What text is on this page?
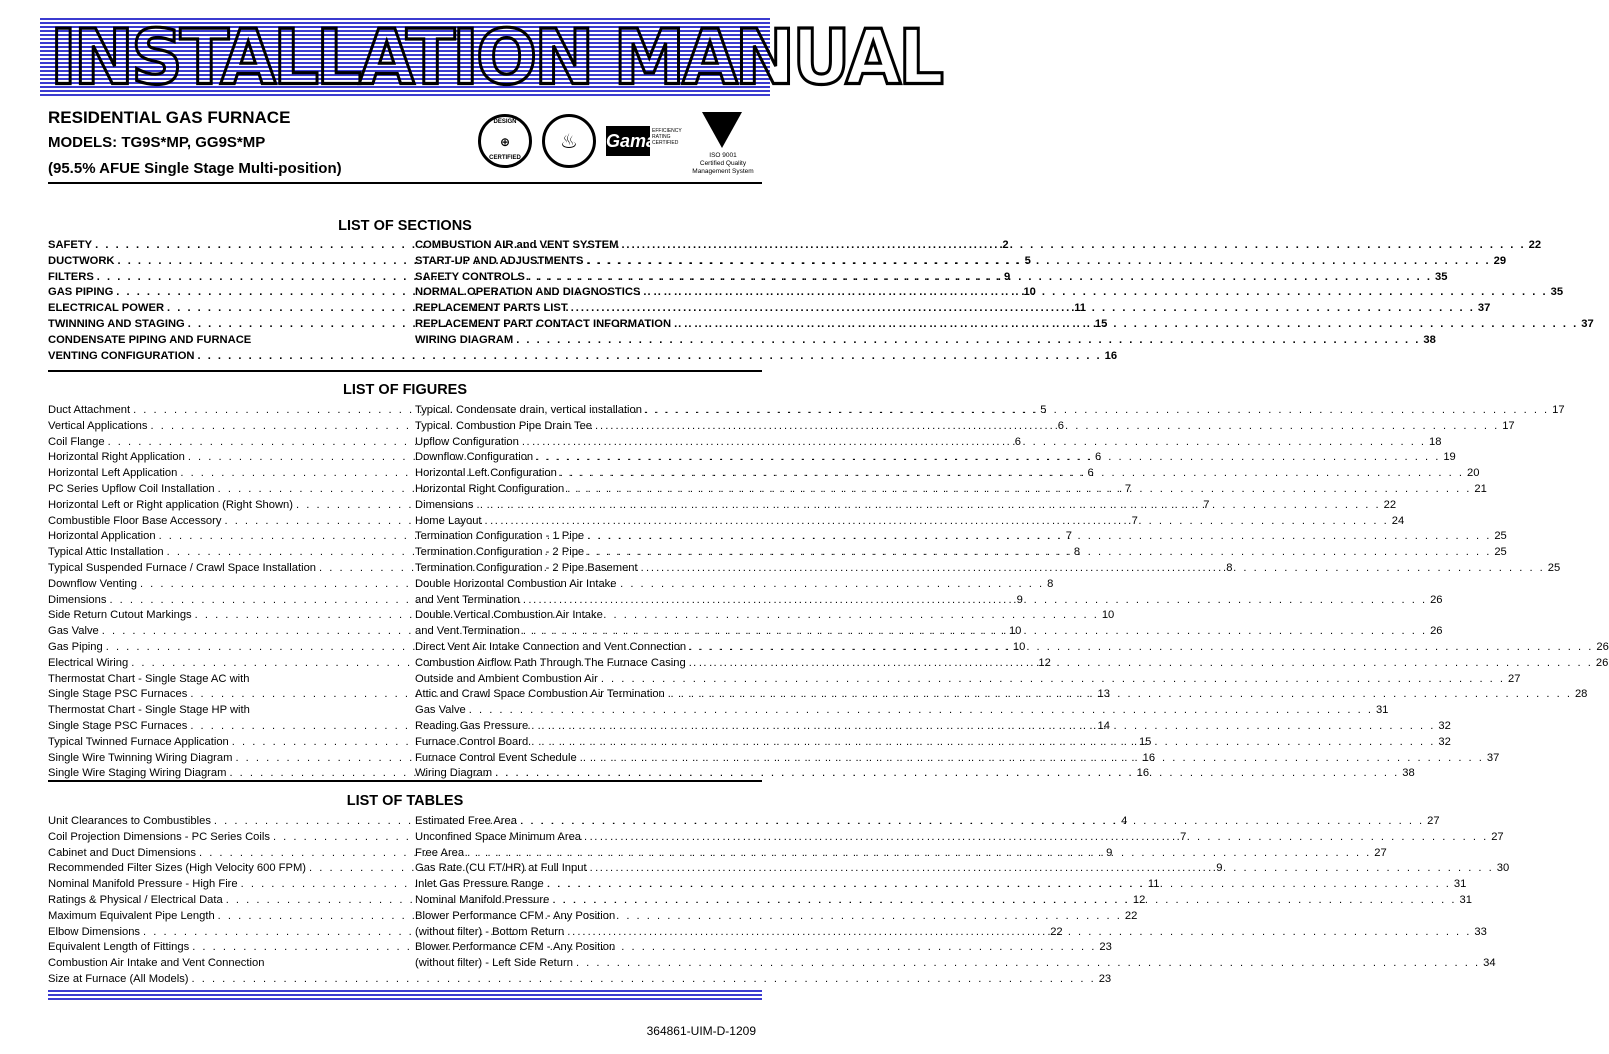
INSTALLATION MANUAL
RESIDENTIAL GAS FURNACE
MODELS: TG9S*MP, GG9S*MP
(95.5% AFUE Single Stage Multi-position)
DESIGN
⊕
CERTIFIED
♨	Gama
EFFICIENCY
RATING
CERTIFIED
ISO 9001
Certified Quality
Management System
LIST OF SECTIONS
SAFETY . . .	2
DUCTWORK . . .	5
FILTERS . . .	9
GAS PIPING . . .	10
ELECTRICAL POWER . . .	11
TWINNING AND STAGING . . .	15
CONDENSATE PIPING AND FURNACE
VENTING CONFIGURATION . . .	16
COMBUSTION AIR and VENT SYSTEM . . .	22
START-UP AND ADJUSTMENTS . . .	29
SAFETY CONTROLS . . .	35
NORMAL OPERATION AND DIAGNOSTICS . . .	35
REPLACEMENT PARTS LIST . . .	37
REPLACEMENT PART CONTACT INFORMATION . . .	37
WIRING DIAGRAM . . .	38
LIST OF FIGURES
Duct Attachment . . .	5
Vertical Applications . . .	6
Coil Flange . . .	6
Horizontal Right Application . . .	6
Horizontal Left Application . . .	6
PC Series Upflow Coil Installation . . .	7
Horizontal Left or Right application (Right Shown) . . .	7
Combustible Floor Base Accessory . . .	7
Horizontal Application . . .	7
Typical Attic Installation . . .	8
Typical Suspended Furnace / Crawl Space Installation . . .	8
Downflow Venting . . .	8
Dimensions . . .	9
Side Return Cutout Markings . . .	10
Gas Valve . . .	10
Gas Piping . . .	10
Electrical Wiring . . .	12
Thermostat Chart - Single Stage AC with
Single Stage PSC Furnaces . . .	13
Thermostat Chart - Single Stage HP with
Single Stage PSC Furnaces . . .	14
Typical Twinned Furnace Application . . .	15
Single Wire Twinning Wiring Diagram . . .	16
Single Wire Staging Wiring Diagram . . .	16
Typical. Condensate drain, vertical installation . . .	17
Typical. Combustion Pipe Drain Tee . . .	17
Upflow Configuration . . .	18
Downflow Configuration . . .	19
Horizontal Left Configuration . . .	20
Horizontal Right Configuration . . .	21
Dimensions . . .	22
Home Layout . . .	24
Termination Configuration - 1 Pipe . . .	25
Termination Configuration - 2 Pipe . . .	25
Termination Configuration - 2 Pipe Basement . . .	25
Double Horizontal Combustion Air Intake
and Vent Termination . . .	26
Double Vertical Combustion Air Intake
and Vent Termination . . .	26
Direct Vent Air Intake Connection and Vent Connection . . .	26
Combustion Airflow Path Through The Furnace Casing . . .	26
Outside and Ambient Combustion Air . . .	27
Attic and Crawl Space Combustion Air Termination . . .	28
Gas Valve . . .	31
Reading Gas Pressure . . .	32
Furnace Control Board . . .	32
Furnace Control Event Schedule . . .	37
Wiring Diagram . . .	38
LIST OF TABLES
Unit Clearances to Combustibles . . .	4
Coil Projection Dimensions - PC Series Coils . . .	7
Cabinet and Duct Dimensions . . .	9
Recommended Filter Sizes (High Velocity 600 FPM) . . .	9
Nominal Manifold Pressure - High Fire . . .	11
Ratings & Physical / Electrical Data . . .	12
Maximum Equivalent Pipe Length . . .	22
Elbow Dimensions . . .	22
Equivalent Length of Fittings . . .	23
Combustion Air Intake and Vent Connection
Size at Furnace (All Models) . . .	23
Estimated Free Area . . .	27
Unconfined Space Minimum Area . . .	27
Free Area . . .	27
Gas Rate (CU FT/HR) at Full Input . . .	30
Inlet Gas Pressure Range . . .	31
Nominal Manifold Pressure . . .	31
Blower Performance CFM - Any Position
(without filter) - Bottom Return . . .	33
Blower Performance CFM - Any Position
(without filter) - Left Side Return . . .	34
364861-UIM-D-1209
